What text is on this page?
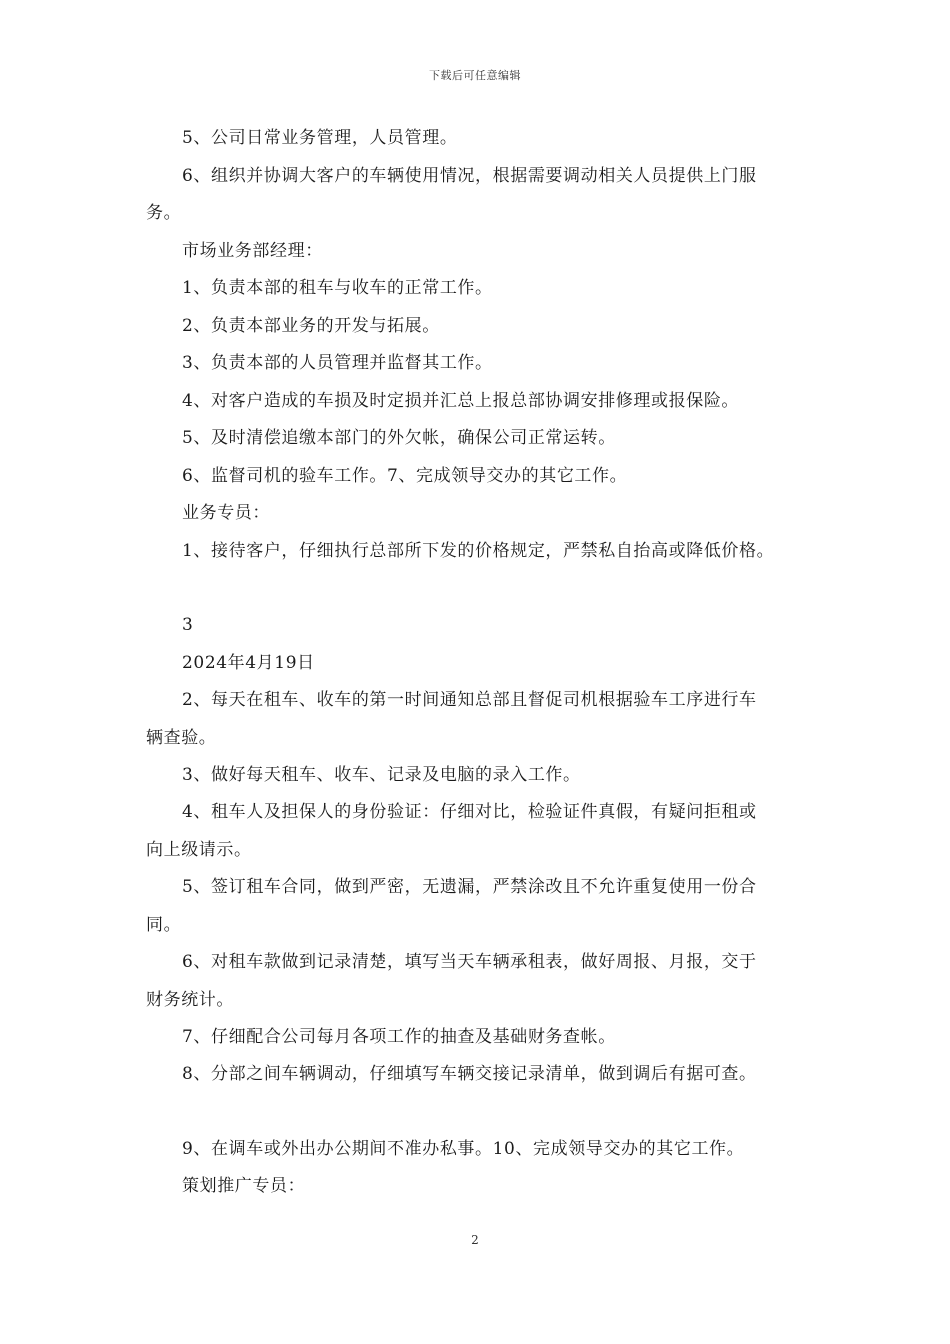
下载后可任意编辑
5、公司日常业务管理，人员管理。
6、组织并协调大客户的车辆使用情况，根据需要调动相关人员提供上门服
务。
市场业务部经理：
1、负责本部的租车与收车的正常工作。
2、负责本部业务的开发与拓展。
3、负责本部的人员管理并监督其工作。
4、对客户造成的车损及时定损并汇总上报总部协调安排修理或报保险。
5、及时清偿追缴本部门的外欠帐，确保公司正常运转。
6、监督司机的验车工作。7、完成领导交办的其它工作。
业务专员：
1、接待客户，仔细执行总部所下发的价格规定，严禁私自抬高或降低价格。
3
2024年4月19日
2、每天在租车、收车的第一时间通知总部且督促司机根据验车工序进行车
辆查验。
3、做好每天租车、收车、记录及电脑的录入工作。
4、租车人及担保人的身份验证：仔细对比，检验证件真假，有疑问拒租或
向上级请示。
5、签订租车合同，做到严密，无遗漏，严禁涂改且不允许重复使用一份合
同。
6、对租车款做到记录清楚，填写当天车辆承租表，做好周报、月报，交于
财务统计。
7、仔细配合公司每月各项工作的抽查及基础财务查帐。
8、分部之间车辆调动，仔细填写车辆交接记录清单，做到调后有据可查。
9、在调车或外出办公期间不准办私事。10、完成领导交办的其它工作。
策划推广专员：
2
